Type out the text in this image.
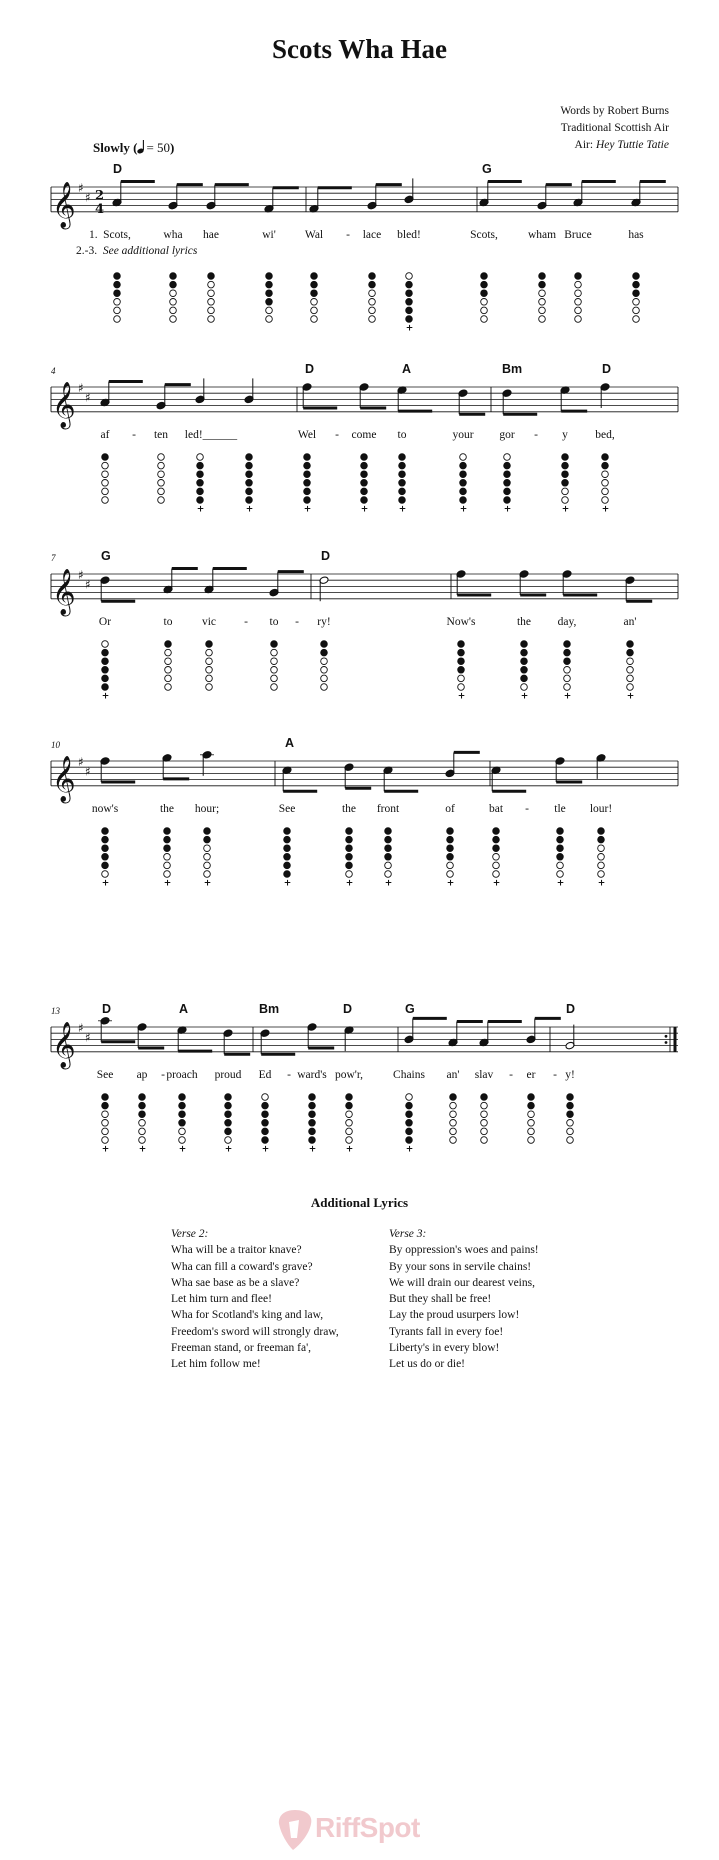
Scots Wha Hae
Words by Robert Burns
Traditional Scottish Air
Air: Hey Tuttie Tatie
Slowly ( = 50)
𝄞 ♯
♯ 2
4
+
D	G
Scots,	wha hae	wi'	Wal - lace bled!	Scots,	wham Bruce	has
𝄞 ♯
♯
+	+	+	+	+	+	+	+	+
4	D	A	Bm	D
af - ten led!______	Wel - come to	your gor - y bed,
𝄞 ♯
♯
+	+	+	+	+
7	G	D
Or	to	vic - to - ry!	Now's	the day,	an'
𝄞 ♯
♯
+	+	+	+	+	+	+	+	+	+
10	A
now's	the hour;	See	the front	of	bat - tle lour!
𝄞 ♯
♯
+	+	+	+	+	+	+	+
13	D	A	Bm	D	G	D
See ap - proach proud Ed - ward's pow'r,	Chains an' slav - er - y!
1.
2.-3. See additional lyrics
Additional Lyrics
Verse 2:
Wha will be a traitor knave?
Wha can fill a coward's grave?
Wha sae base as be a slave?
Let him turn and flee!
Wha for Scotland's king and law,
Freedom's sword will strongly draw,
Freeman stand, or freeman fa',
Let him follow me!
Verse 3:
By oppression's woes and pains!
By your sons in servile chains!
We will drain our dearest veins,
But they shall be free!
Lay the proud usurpers low!
Tyrants fall in every foe!
Liberty's in every blow!
Let us do or die!
RiffSpot
